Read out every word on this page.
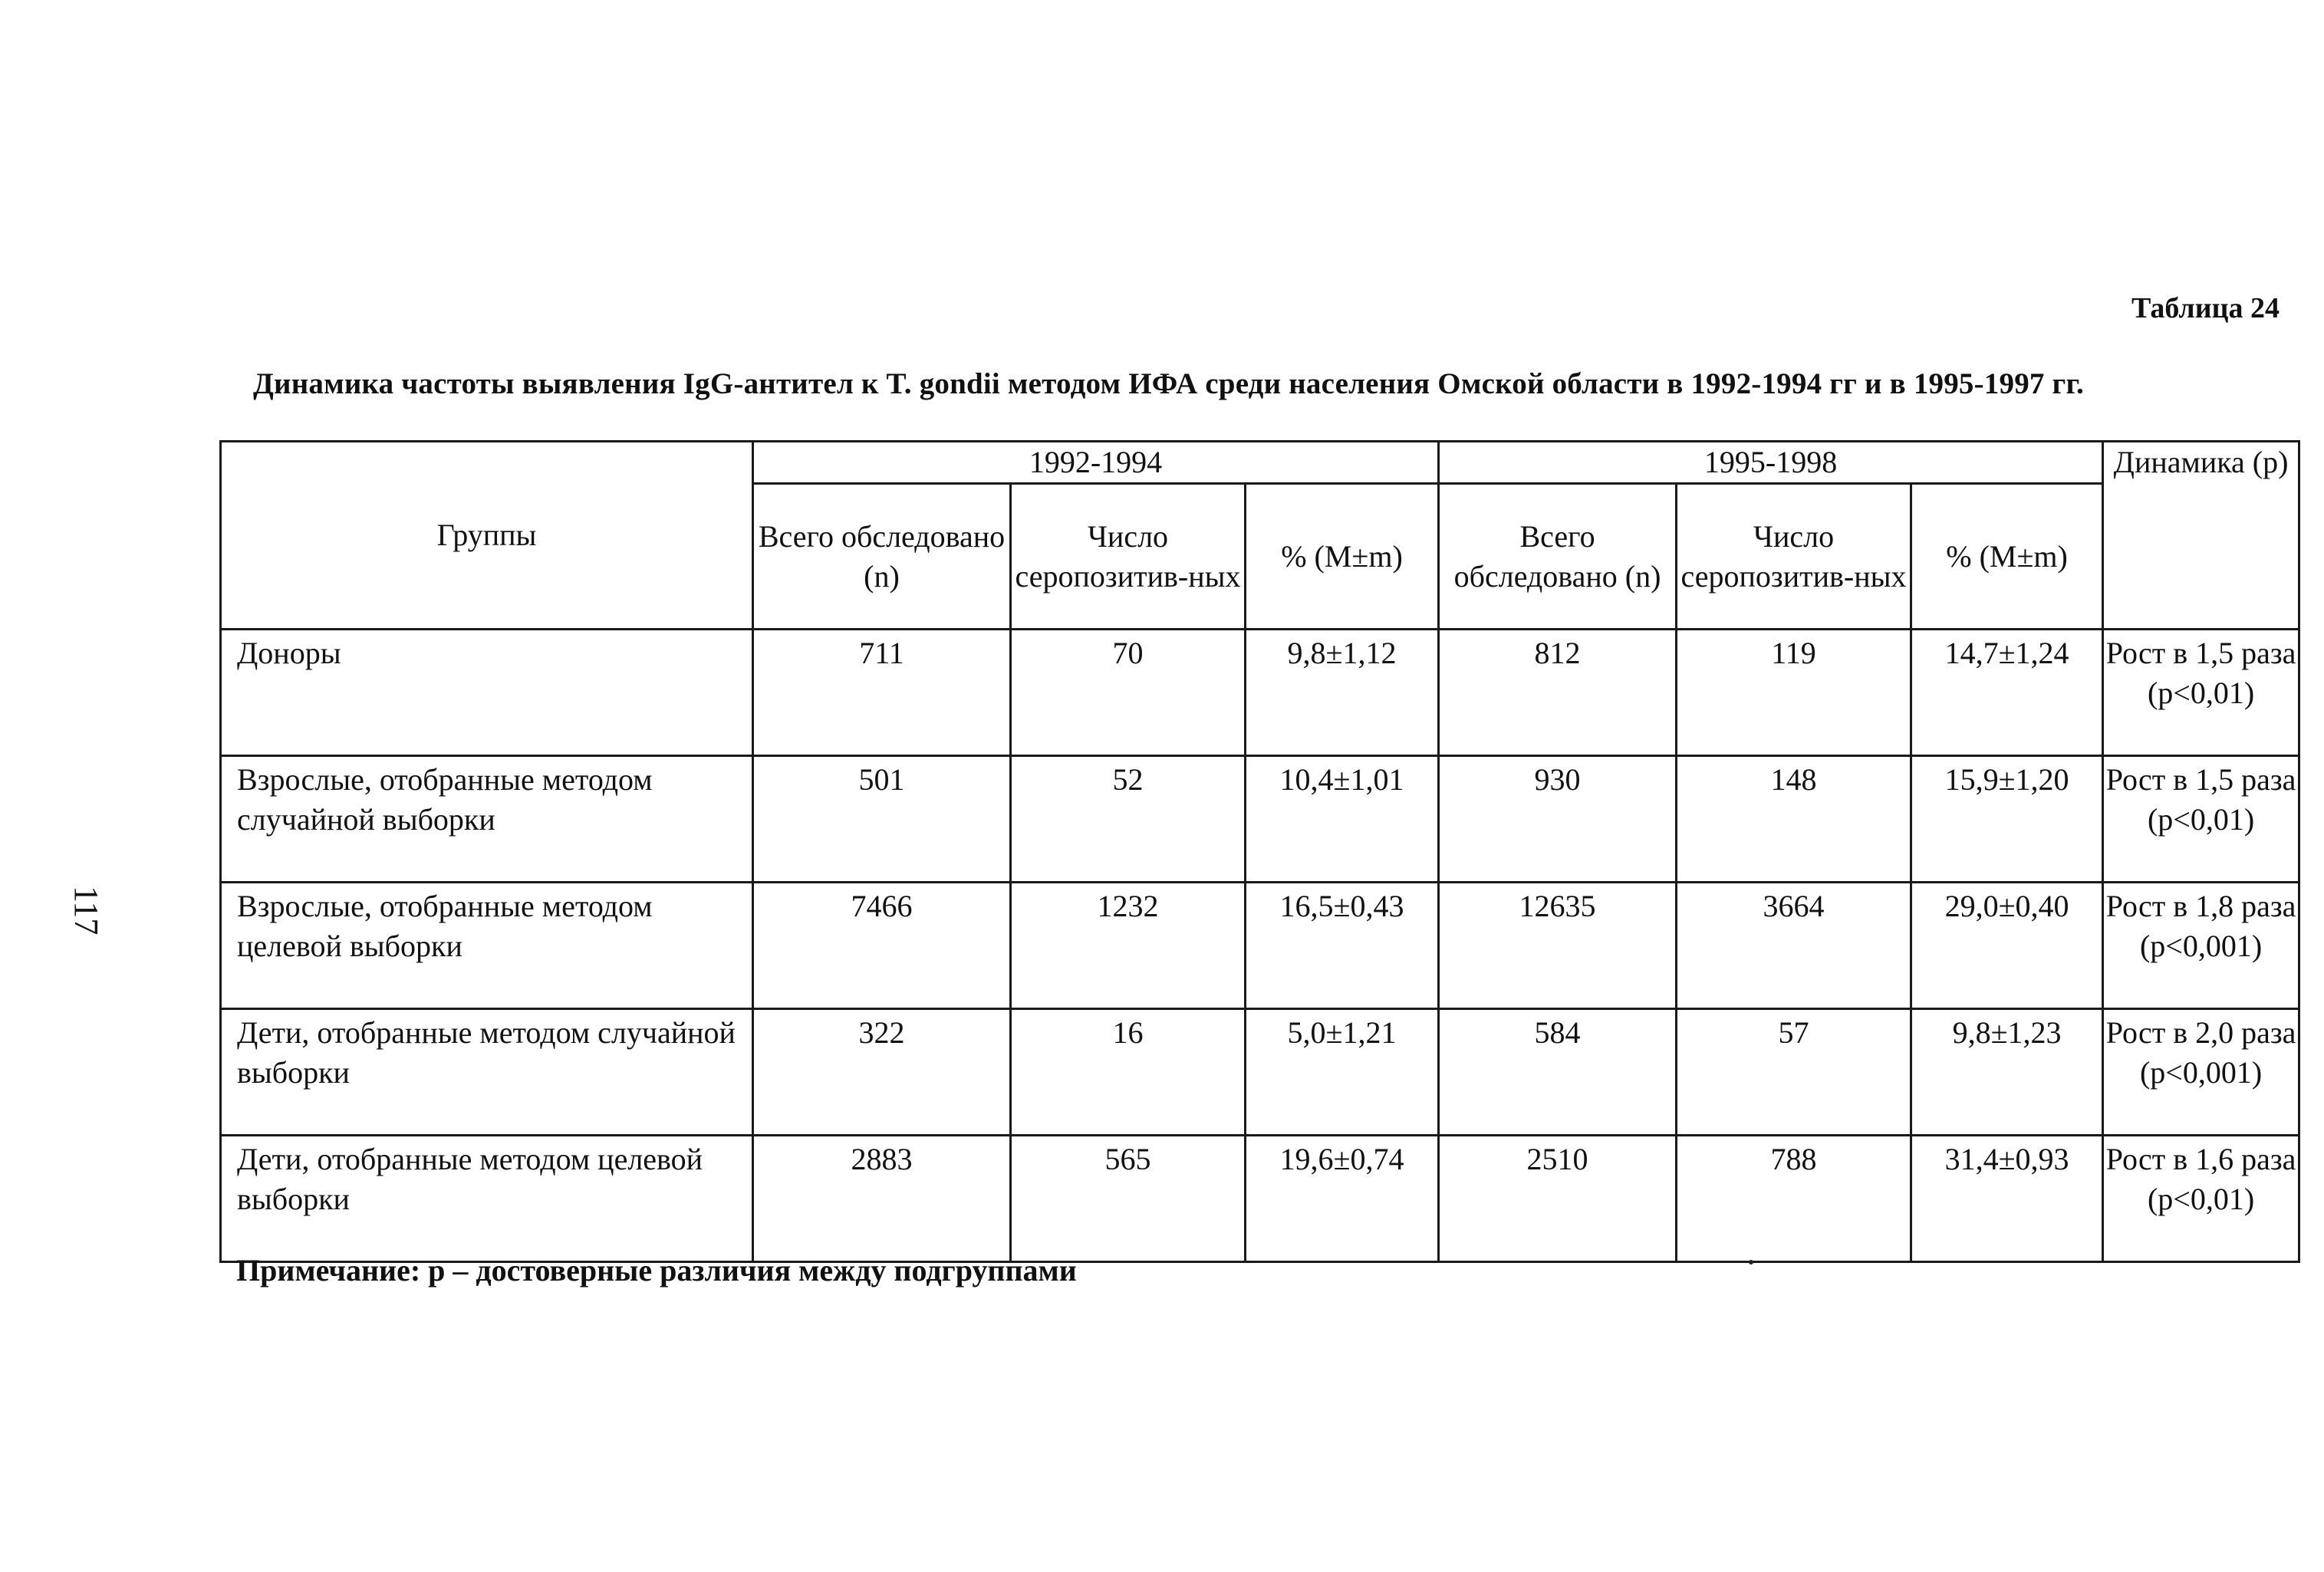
117
Таблица 24
Динамика частоты выявления IgG-антител к T. gondii методом ИФА среди населения Омской области в 1992-1994 гг и в 1995-1997 гг.
Группы	1992-1994			1995-1998			Динамика (р)
	Всего обследовано (n)	Число серопозитив-ных	% (M±m)	Всего обследовано (n)	Число серопозитив-ных	% (M±m)	
Доноры	711	70	9,8±1,12	812	119	14,7±1,24	Рост в 1,5 раза (р<0,01)
Взрослые, отобранные методом случайной выборки	501	52	10,4±1,01	930	148	15,9±1,20	Рост в 1,5 раза (р<0,01)
Взрослые, отобранные методом целевой выборки	7466	1232	16,5±0,43	12635	3664	29,0±0,40	Рост в 1,8 раза (р<0,001)
Дети, отобранные методом случайной выборки	322	16	5,0±1,21	584	57	9,8±1,23	Рост в 2,0 раза (р<0,001)
Дети, отобранные методом целевой выборки	2883	565	19,6±0,74	2510	788	31,4±0,93	Рост в 1,6 раза (р<0,01)
Примечание: р – достоверные различия между подгруппами
